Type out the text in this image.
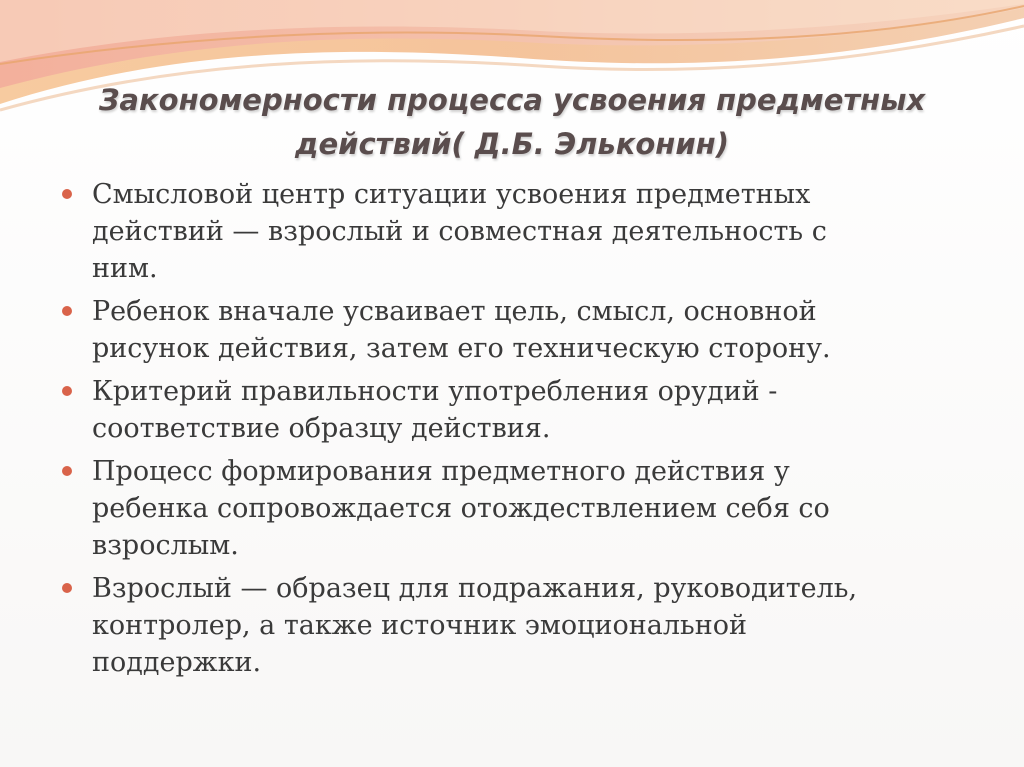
Закономерности процесса усвоения предметных
действий( Д.Б. Эльконин)
Смысловой центр ситуации усвоения предметных
действий — взрослый и совместная деятельность с
ним.
Ребенок вначале усваивает цель, смысл, основной
рисунок действия, затем его техническую сторону.
Критерий правильности употребления орудий -
соответствие образцу действия.
Процесс формирования предметного действия у
ребенка сопровождается отождествлением себя со
взрослым.
Взрослый — образец для подражания, руководитель,
контролер, а также источник эмоциональной
поддержки.
